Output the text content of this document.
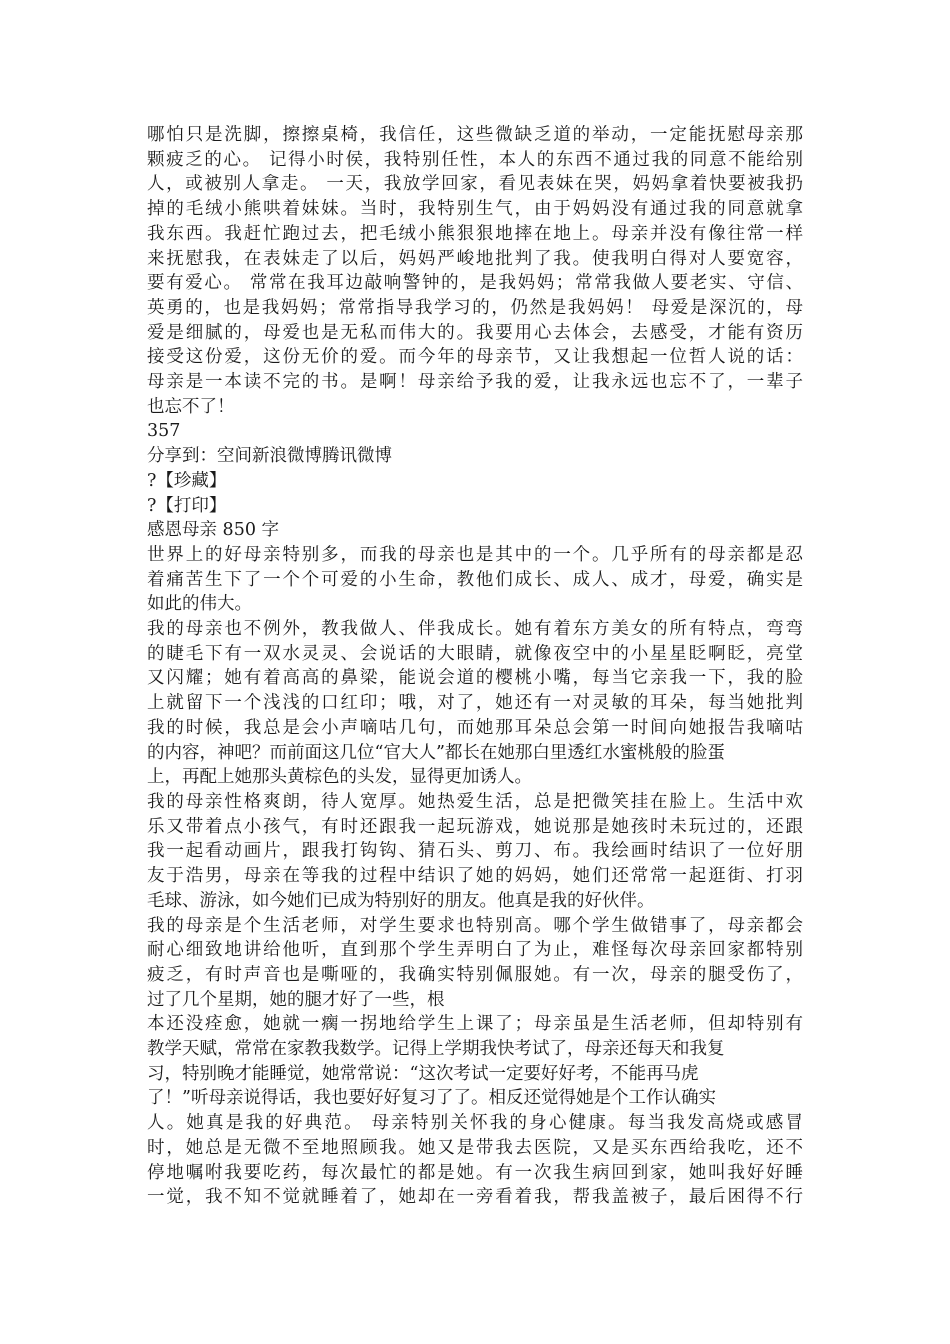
哪怕只是洗脚，擦擦桌椅，我信任，这些微缺乏道的举动，一定能抚慰母亲那
颗疲乏的心。 记得小时侯，我特别任性，本人的东西不通过我的同意不能给别
人，或被别人拿走。 一天，我放学回家，看见表妹在哭，妈妈拿着快要被我扔
掉的毛绒小熊哄着妹妹。当时，我特别生气，由于妈妈没有通过我的同意就拿
我东西。我赶忙跑过去，把毛绒小熊狠狠地摔在地上。母亲并没有像往常一样
来抚慰我，在表妹走了以后，妈妈严峻地批判了我。使我明白得对人要宽容，
要有爱心。 常常在我耳边敲响警钟的，是我妈妈；常常我做人要老实、守信、
英勇的，也是我妈妈；常常指导我学习的，仍然是我妈妈！ 母爱是深沉的，母
爱是细腻的，母爱也是无私而伟大的。我要用心去体会，去感受，才能有资历
接受这份爱，这份无价的爱。而今年的母亲节，又让我想起一位哲人说的话：
母亲是一本读不完的书。是啊！母亲给予我的爱，让我永远也忘不了，一辈子
也忘不了！
357
分享到：空间新浪微博腾讯微博
?【珍藏】
?【打印】
感恩母亲 850 字
世界上的好母亲特别多，而我的母亲也是其中的一个。几乎所有的母亲都是忍
着痛苦生下了一个个可爱的小生命，教他们成长、成人、成才，母爱，确实是
如此的伟大。
我的母亲也不例外，教我做人、伴我成长。她有着东方美女的所有特点，弯弯
的睫毛下有一双水灵灵、会说话的大眼睛，就像夜空中的小星星眨啊眨，亮堂
又闪耀；她有着高高的鼻梁，能说会道的樱桃小嘴，每当它亲我一下，我的脸
上就留下一个浅浅的口红印；哦，对了，她还有一对灵敏的耳朵，每当她批判
我的时候，我总是会小声嘀咕几句，而她那耳朵总会第一时间向她报告我嘀咕
的内容，神吧？而前面这几位“官大人”都长在她那白里透红水蜜桃般的脸蛋
上，再配上她那头黄棕色的头发，显得更加诱人。
我的母亲性格爽朗，待人宽厚。她热爱生活，总是把微笑挂在脸上。生活中欢
乐又带着点小孩气，有时还跟我一起玩游戏，她说那是她孩时未玩过的，还跟
我一起看动画片，跟我打钩钩、猜石头、剪刀、布。我绘画时结识了一位好朋
友于浩男，母亲在等我的过程中结识了她的妈妈，她们还常常一起逛街、打羽
毛球、游泳，如今她们已成为特别好的朋友。他真是我的好伙伴。
我的母亲是个生活老师，对学生要求也特别高。哪个学生做错事了，母亲都会
耐心细致地讲给他听，直到那个学生弄明白了为止，难怪每次母亲回家都特别
疲乏，有时声音也是嘶哑的，我确实特别佩服她。有一次，母亲的腿受伤了，
过了几个星期，她的腿才好了一些，根
本还没痊愈，她就一瘸一拐地给学生上课了；母亲虽是生活老师，但却特别有
教学天赋，常常在家教我数学。记得上学期我快考试了，母亲还每天和我复
习，特别晚才能睡觉，她常常说：“这次考试一定要好好考，不能再马虎
了！”听母亲说得话，我也要好好复习了了。相反还觉得她是个工作认确实
人。她真是我的好典范。 母亲特别关怀我的身心健康。每当我发高烧或感冒
时，她总是无微不至地照顾我。她又是带我去医院，又是买东西给我吃，还不
停地嘱咐我要吃药，每次最忙的都是她。有一次我生病回到家，她叫我好好睡
一觉，我不知不觉就睡着了，她却在一旁看着我，帮我盖被子，最后困得不行
